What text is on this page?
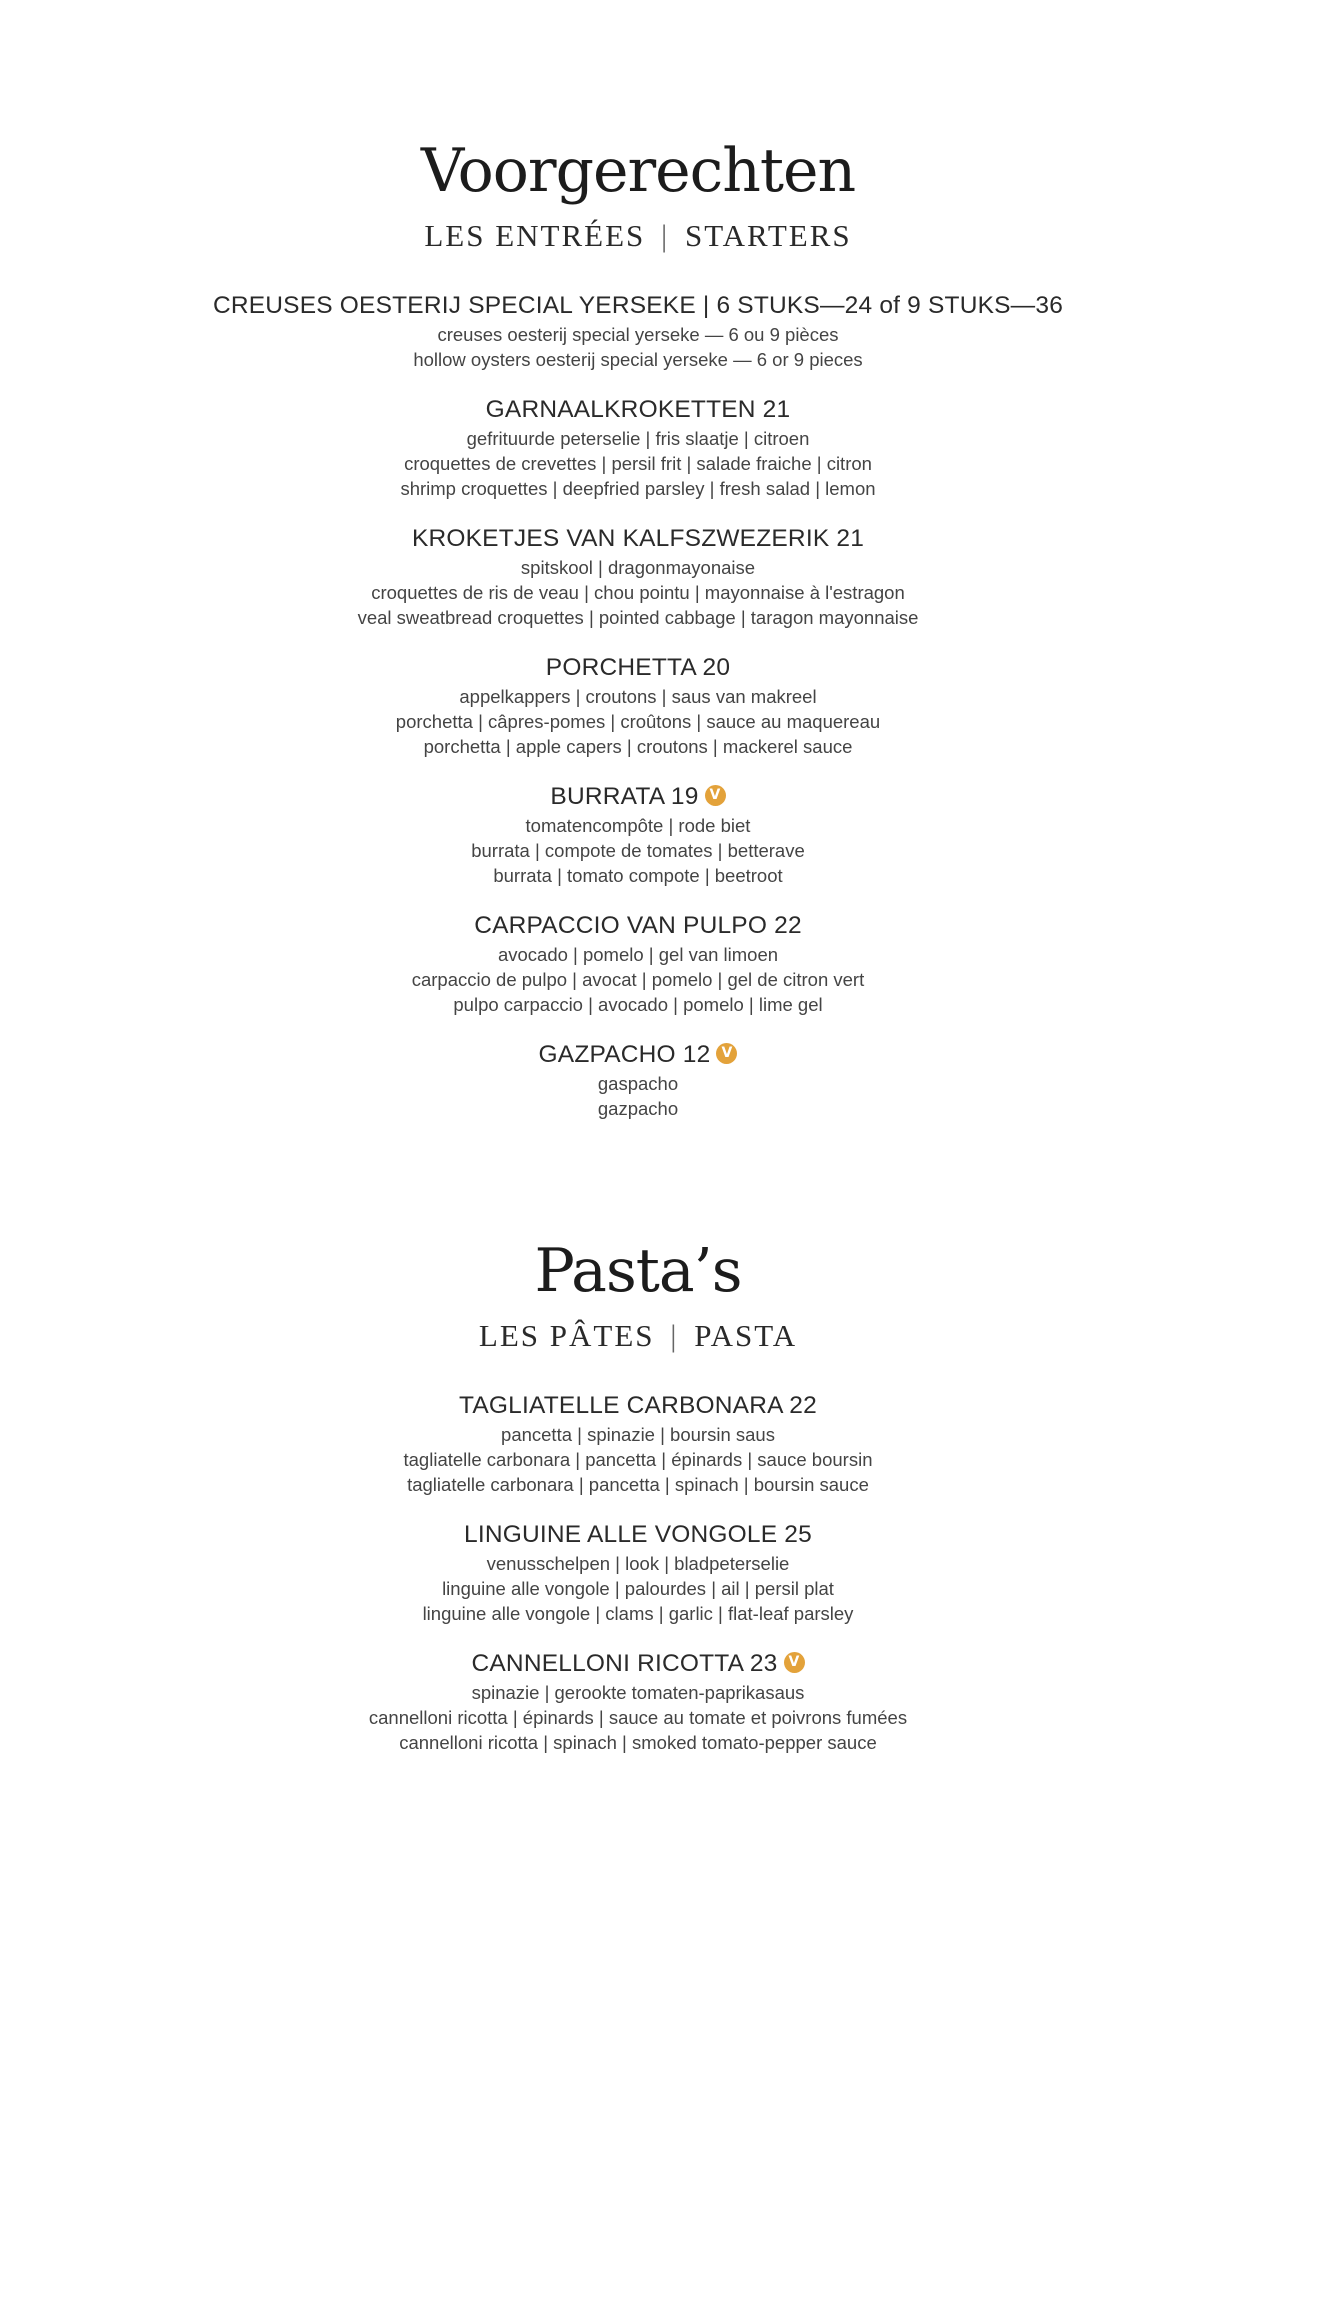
Voorgerechten
LES ENTRÉES | STARTERS

CREUSES OESTERIJ SPECIAL YERSEKE | 6 STUKS—24 of 9 STUKS—36

creuses oesterij special yerseke — 6 ou 9 pièces

hollow oysters oesterij special yerseke — 6 or 9 pieces

GARNAALKROKETTEN 21

gefrituurde peterselie | fris slaatje | citroen

croquettes de crevettes | persil frit | salade fraiche | citron

shrimp croquettes | deepfried parsley | fresh salad | lemon

KROKETJES VAN KALFSZWEZERIK 21

spitskool | dragonmayonaise

croquettes de ris de veau | chou pointu | mayonnaise à l'estragon

veal sweatbread croquettes | pointed cabbage | taragon mayonnaise

PORCHETTA 20

appelkappers | croutons | saus van makreel

porchetta | câpres-pomes | croûtons | sauce au maquereau

porchetta | apple capers | croutons | mackerel sauce

BURRATA 19 V

tomatencompôte | rode biet

burrata | compote de tomates | betterave

burrata | tomato compote | beetroot

CARPACCIO VAN PULPO 22

avocado | pomelo | gel van limoen

carpaccio de pulpo | avocat | pomelo | gel de citron vert

pulpo carpaccio | avocado | pomelo | lime gel

GAZPACHO 12 V

gaspacho

gazpacho

Pasta’s
LES PÂTES | PASTA

TAGLIATELLE CARBONARA 22

pancetta | spinazie | boursin saus

tagliatelle carbonara | pancetta | épinards | sauce boursin

tagliatelle carbonara | pancetta | spinach | boursin sauce

LINGUINE ALLE VONGOLE 25

venusschelpen | look | bladpeterselie

linguine alle vongole | palourdes | ail | persil plat

linguine alle vongole | clams | garlic | flat-leaf parsley

CANNELLONI RICOTTA 23 V

spinazie | gerookte tomaten-paprikasaus

cannelloni ricotta | épinards | sauce au tomate et poivrons fumées

cannelloni ricotta | spinach | smoked tomato-pepper sauce
